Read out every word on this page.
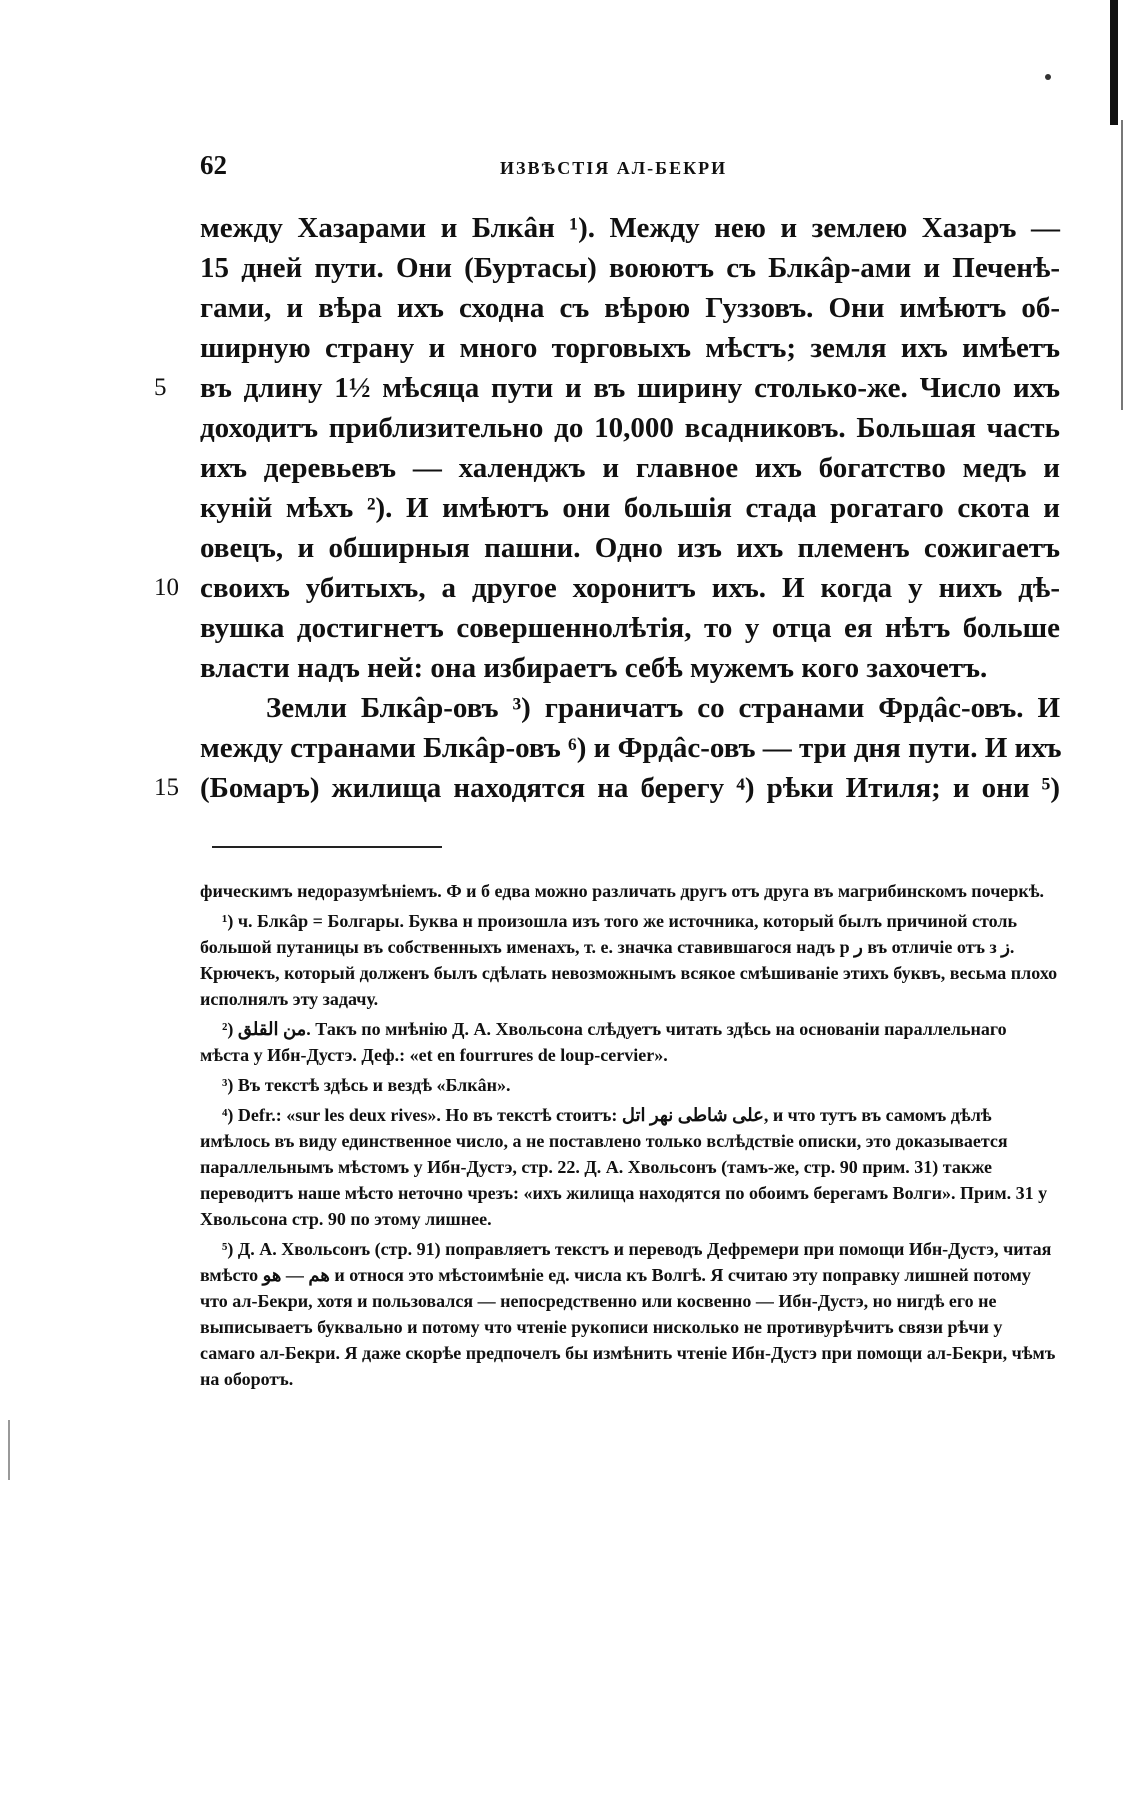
62	ИЗВѢСТІЯ АЛ-БЕКРИ
между Хазарами и Блкâн ¹). Между нею и землею Хазаръ —
15 дней пути. Они (Буртасы) воюютъ съ Блкâр-ами и Печенѣ-
гами, и вѣра ихъ сходна съ вѣрою Гуззовъ. Они имѣютъ об-
ширную страну и много торговыхъ мѣстъ; земля ихъ имѣетъ
5 въ длину 1½ мѣсяца пути и въ ширину столько-же. Число ихъ
доходитъ приблизительно до 10,000 всадниковъ. Большая часть
ихъ деревьевъ — халенджъ и главное ихъ богатство медъ и
куній мѣхъ ²). И имѣютъ они большія стада рогатаго скота и
овецъ, и обширныя пашни. Одно изъ ихъ племенъ сожигаетъ
10 своихъ убитыхъ, а другое хоронитъ ихъ. И когда у нихъ дѣ-
вушка достигнетъ совершеннолѣтія, то у отца ея нѣтъ больше
власти надъ ней: она избираетъ себѣ мужемъ кого захочетъ.
Земли Блкâр-овъ ³) граничатъ со странами Фрдâс-овъ. И
между странами Блкâр-овъ ⁶) и Фрдâс-овъ — три дня пути. И ихъ
15 (Бомаръ) жилища находятся на берегу ⁴) рѣки Итиля; и они ⁵)
фическимъ недоразумѣніемъ. Ф и б едва можно различать другъ отъ друга въ магрибинскомъ почеркѣ.
¹) ч. Блкâр = Болгары. Буква н произошла изъ того же источника, который былъ причиной столь большой путаницы въ собственныхъ именахъ, т. е. значка ставившагося надъ р ر въ отличіе отъ з ز. Крючекъ, который долженъ былъ сдѣлать невозможнымъ всякое смѣшиваніе этихъ буквъ, весьма плохо исполнялъ эту задачу.
²) من القلق. Такъ по мнѣнію Д. А. Хвольсона слѣдуетъ читать здѣсь на основаніи параллельнаго мѣста у Ибн-Дустэ. Деф.: «et en fourrures de loup-cervier».
³) Въ текстѣ здѣсь и вездѣ «Блкâн».
⁴) Defr.: «sur les deux rives». Но въ текстѣ стоитъ: على شاطى نهر اتل, и что тутъ въ самомъ дѣлѣ имѣлось въ виду единственное число, а не поставлено только вслѣдствіе описки, это доказывается параллельнымъ мѣстомъ у Ибн-Дустэ, стр. 22. Д. А. Хвольсонъ (тамъ-же, стр. 90 прим. 31) также переводитъ наше мѣсто неточно чрезъ: «ихъ жилища находятся по обоимъ берегамъ Волги». Прим. 31 у Хвольсона стр. 90 по этому лишнее.
⁵) Д. А. Хвольсонъ (стр. 91) поправляетъ текстъ и переводъ Дефремери при помощи Ибн-Дустэ, читая вмѣсто هم — هو и относя это мѣстоимѣніе ед. числа къ Волгѣ. Я считаю эту поправку лишней потому что ал-Бекри, хотя и пользовался — непосредственно или косвенно — Ибн-Дустэ, но нигдѣ его не выписываетъ буквально и потому что чтеніе рукописи нисколько не противурѣчитъ связи рѣчи у самаго ал-Бекри. Я даже скорѣе предпочелъ бы измѣнить чтеніе Ибн-Дустэ при помощи ал-Бекри, чѣмъ на оборотъ.
